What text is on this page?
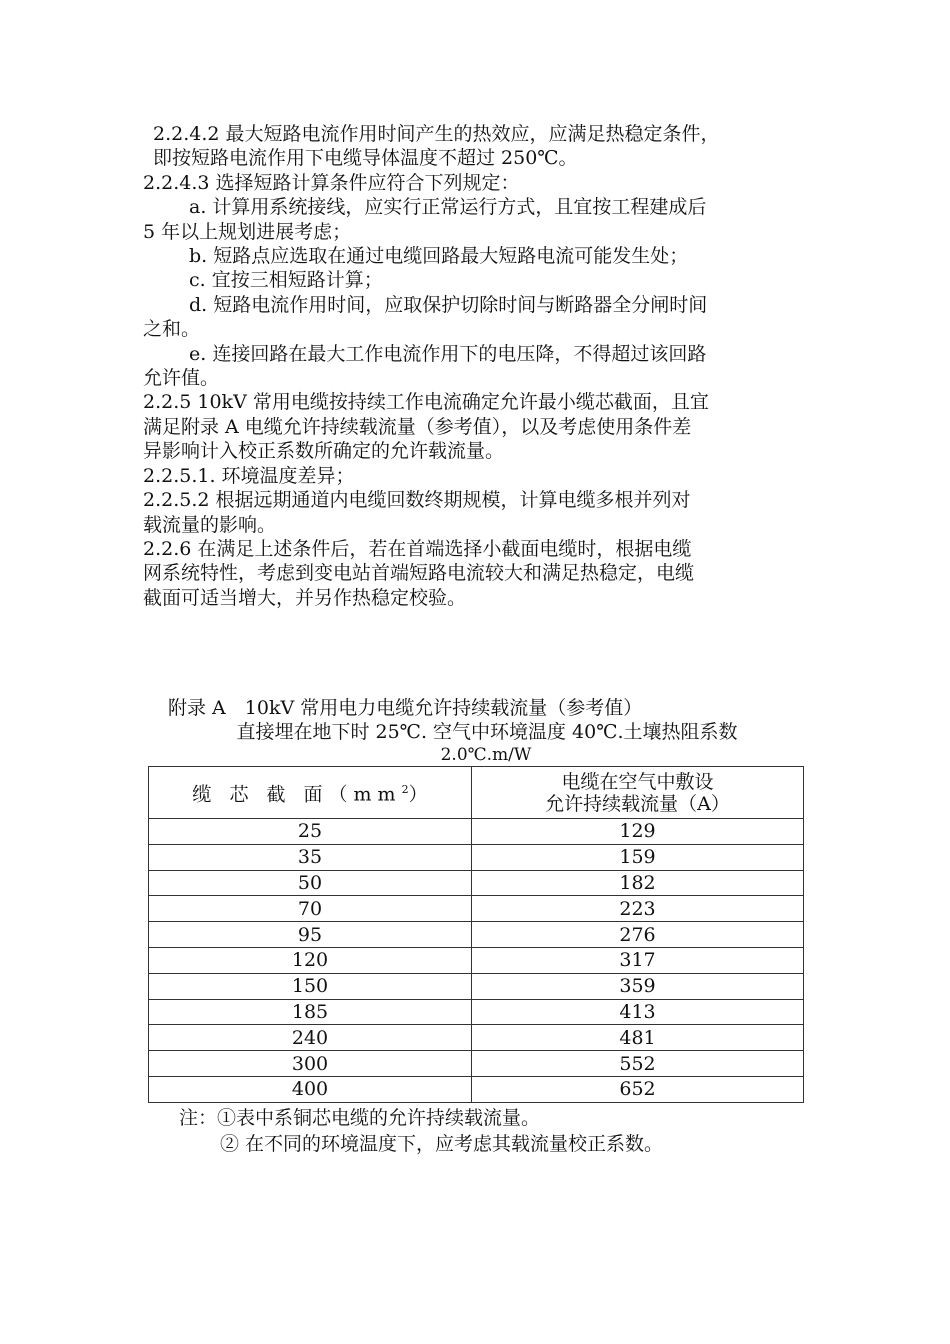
2.2.4.2 最大短路电流作用时间产生的热效应，应满足热稳定条件，

即按短路电流作用下电缆导体温度不超过 250℃。

2.2.4.3 选择短路计算条件应符合下列规定：

a. 计算用系统接线，应实行正常运行方式，且宜按工程建成后

5 年以上规划进展考虑；

b. 短路点应选取在通过电缆回路最大短路电流可能发生处；

c. 宜按三相短路计算；

d. 短路电流作用时间，应取保护切除时间与断路器全分闸时间

之和。

e. 连接回路在最大工作电流作用下的电压降，不得超过该回路

允许值。

2.2.5 10kV 常用电缆按持续工作电流确定允许最小缆芯截面，且宜

满足附录 A 电缆允许持续载流量（参考值），以及考虑使用条件差

异影响计入校正系数所确定的允许载流量。

2.2.5.1. 环境温度差异；

2.2.5.2 根据远期通道内电缆回数终期规模，计算电缆多根并列对

载流量的影响。

2.2.6 在满足上述条件后，若在首端选择小截面电缆时，根据电缆

网系统特性，考虑到变电站首端短路电流较大和满足热稳定，电缆

截面可适当增大，并另作热稳定校验。

附录 A　10kV 常用电力电缆允许持续载流量（参考值）

直接埋在地下时 25℃. 空气中环境温度 40℃.土壤热阻系数

2.0℃.m/W

缆 芯 截 面$(mm^2)$	电缆在空气中敷设
允许持续载流量（A）

25	129
35	159
50	182
70	223
95	276
120	317
150	359
185	413
240	481
300	552
400	652

注：①表中系铜芯电缆的允许持续载流量。

② 在不同的环境温度下，应考虑其载流量校正系数。
